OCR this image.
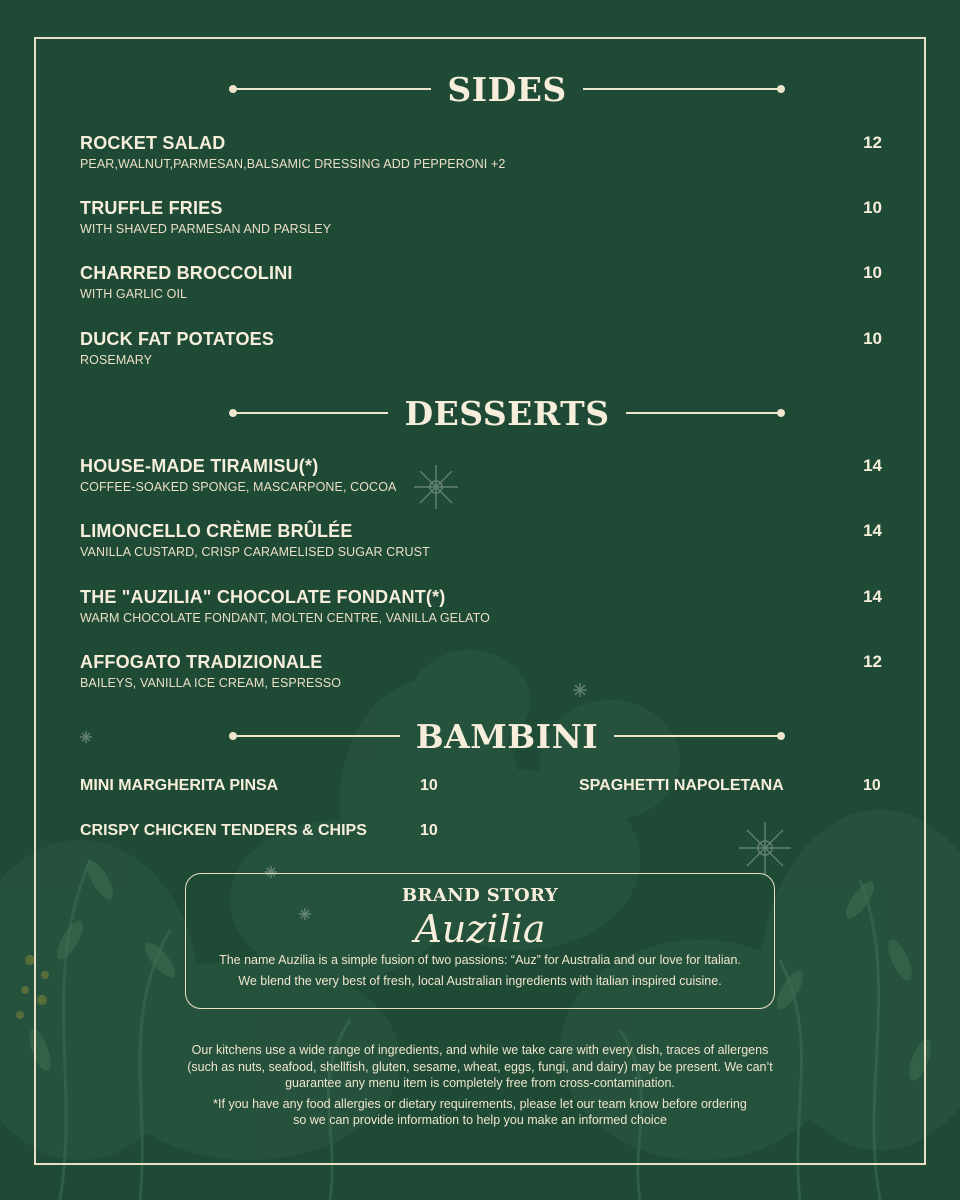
SIDES
ROCKET SALAD
PEAR,WALNUT,PARMESAN,BALSAMIC DRESSING ADD PEPPERONI +2
12
TRUFFLE FRIES
WITH SHAVED PARMESAN AND PARSLEY
10
CHARRED BROCCOLINI
WITH GARLIC OIL
10
DUCK FAT POTATOES
ROSEMARY
10
DESSERTS
HOUSE-MADE TIRAMISU(*)
COFFEE-SOAKED SPONGE, MASCARPONE, COCOA
14
LIMONCELLO CRÈME BRÛLÉE
VANILLA CUSTARD, CRISP CARAMELISED SUGAR CRUST
14
THE "AUZILIA" CHOCOLATE FONDANT(*)
WARM CHOCOLATE FONDANT, MOLTEN CENTRE, VANILLA GELATO
14
AFFOGATO TRADIZIONALE
BAILEYS, VANILLA ICE CREAM, ESPRESSO
12
BAMBINI
MINI MARGHERITA PINSA	10	SPAGHETTI NAPOLETANA	10
CRISPY CHICKEN TENDERS & CHIPS	10
BRAND STORY
Auzilia
The name Auzilia is a simple fusion of two passions: “Auz” for Australia and our love for Italian.
We blend the very best of fresh, local Australian ingredients with italian inspired cuisine.
Our kitchens use a wide range of ingredients, and while we take care with every dish, traces of allergens
(such as nuts, seafood, shellfish, gluten, sesame, wheat, eggs, fungi, and dairy) may be present. We can’t
guarantee any menu item is completely free from cross-contamination.
*If you have any food allergies or dietary requirements, please let our team know before ordering
so we can provide information to help you make an informed choice
